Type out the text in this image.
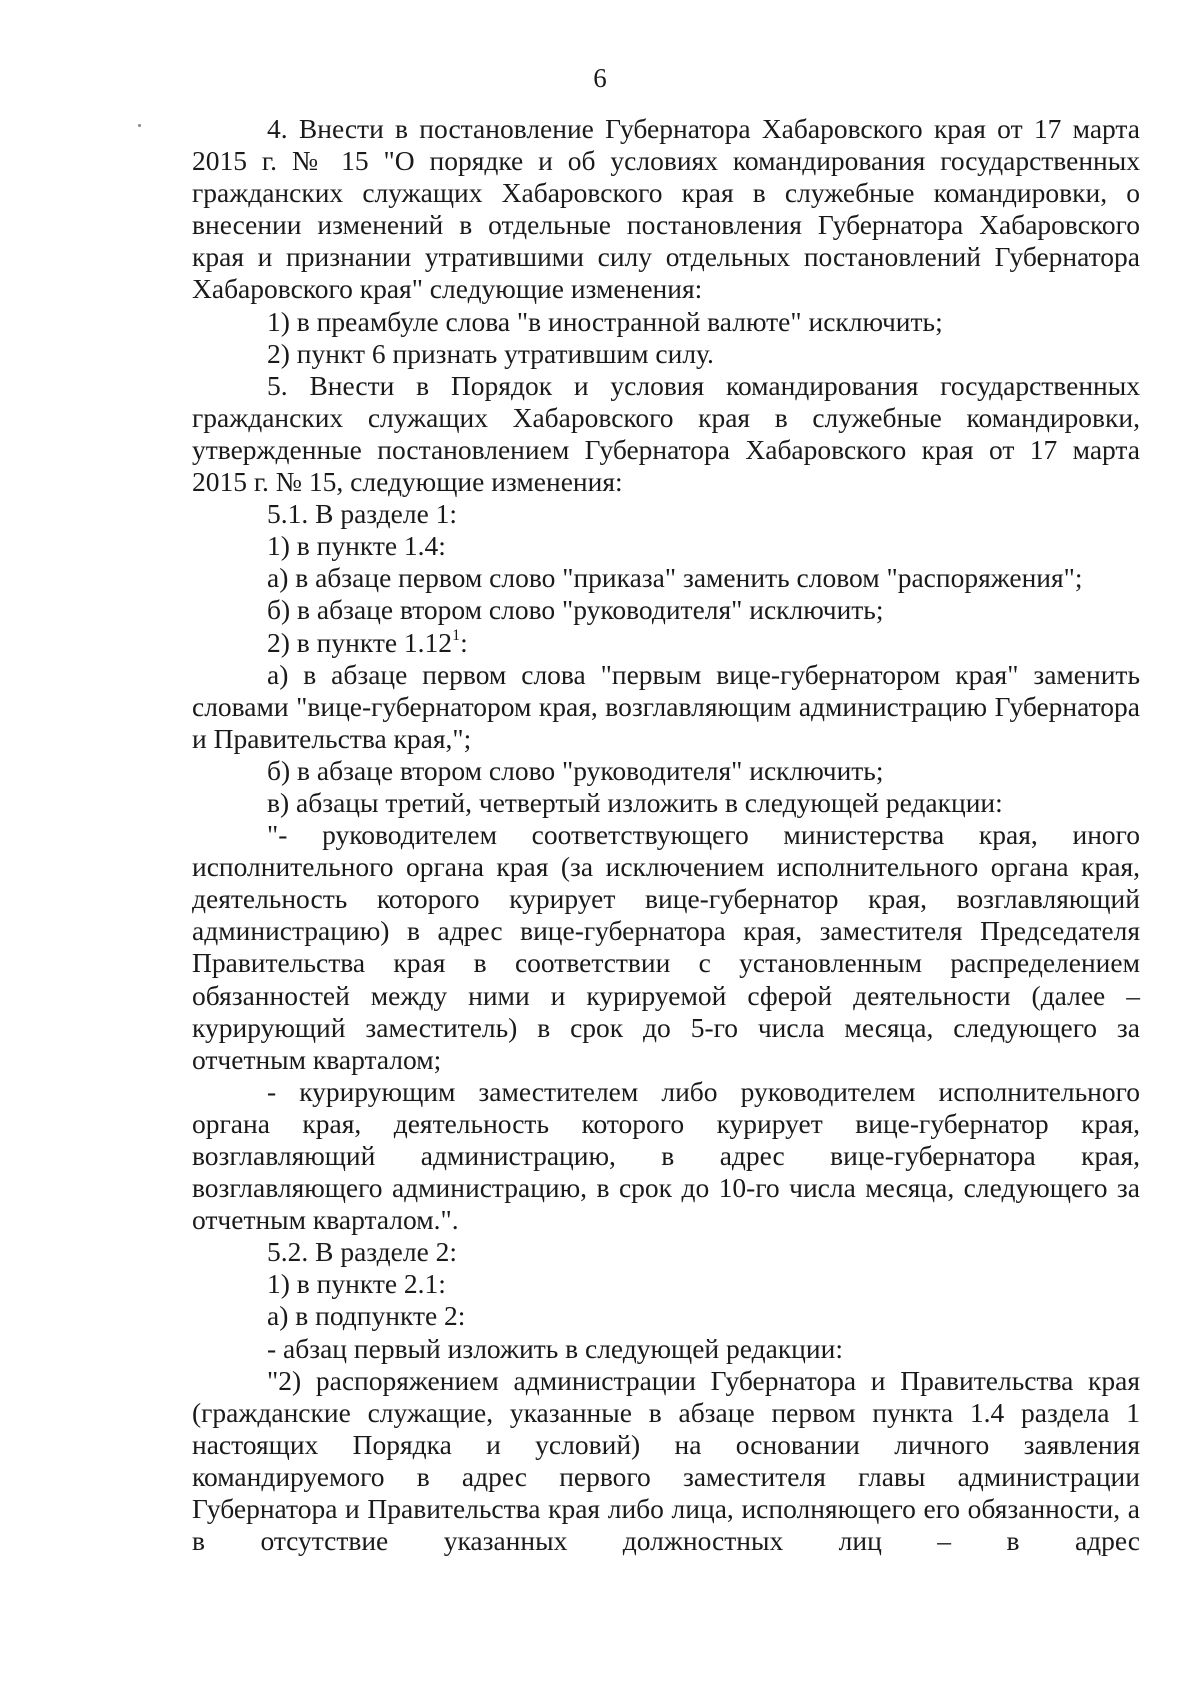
6

4. Внести в постановление Губернатора Хабаровского края от 17 марта 2015 г. № 15 "О порядке и об условиях командирования государственных гражданских служащих Хабаровского края в служебные командировки, о внесении изменений в отдельные постановления Губернатора Хабаровского края и признании утратившими силу отдельных постановлений Губернатора Хабаровского края" следующие изменения:

1) в преамбуле слова "в иностранной валюте" исключить;

2) пункт 6 признать утратившим силу.

5. Внести в Порядок и условия командирования государственных гражданских служащих Хабаровского края в служебные командировки, утвержденные постановлением Губернатора Хабаровского края от 17 марта 2015 г. № 15, следующие изменения:

5.1. В разделе 1:

1) в пункте 1.4:

а) в абзаце первом слово "приказа" заменить словом "распоряжения";

б) в абзаце втором слово "руководителя" исключить;

2) в пункте 1.12$^1$:

а) в абзаце первом слова "первым вице-губернатором края" заменить словами "вице-губернатором края, возглавляющим администрацию Губернатора и Правительства края,";

б) в абзаце втором слово "руководителя" исключить;

в) абзацы третий, четвертый изложить в следующей редакции:

"- руководителем соответствующего министерства края, иного исполнительного органа края (за исключением исполнительного органа края, деятельность которого курирует вице-губернатор края, возглавляющий администрацию) в адрес вице-губернатора края, заместителя Председателя Правительства края в соответствии с установленным распределением обязанностей между ними и курируемой сферой деятельности (далее – курирующий заместитель) в срок до 5-го числа месяца, следующего за отчетным кварталом;

- курирующим заместителем либо руководителем исполнительного органа края, деятельность которого курирует вице-губернатор края, возглавляющий администрацию, в адрес вице-губернатора края, возглавляющего администрацию, в срок до 10-го числа месяца, следующего за отчетным кварталом.".

5.2. В разделе 2:

1) в пункте 2.1:

а) в подпункте 2:

- абзац первый изложить в следующей редакции:

"2) распоряжением администрации Губернатора и Правительства края (гражданские служащие, указанные в абзаце первом пункта 1.4 раздела 1 настоящих Порядка и условий) на основании личного заявления командируемого в адрес первого заместителя главы администрации Губернатора и Правительства края либо лица, исполняющего его обязанности, а в отсутствие указанных должностных лиц – в адрес
